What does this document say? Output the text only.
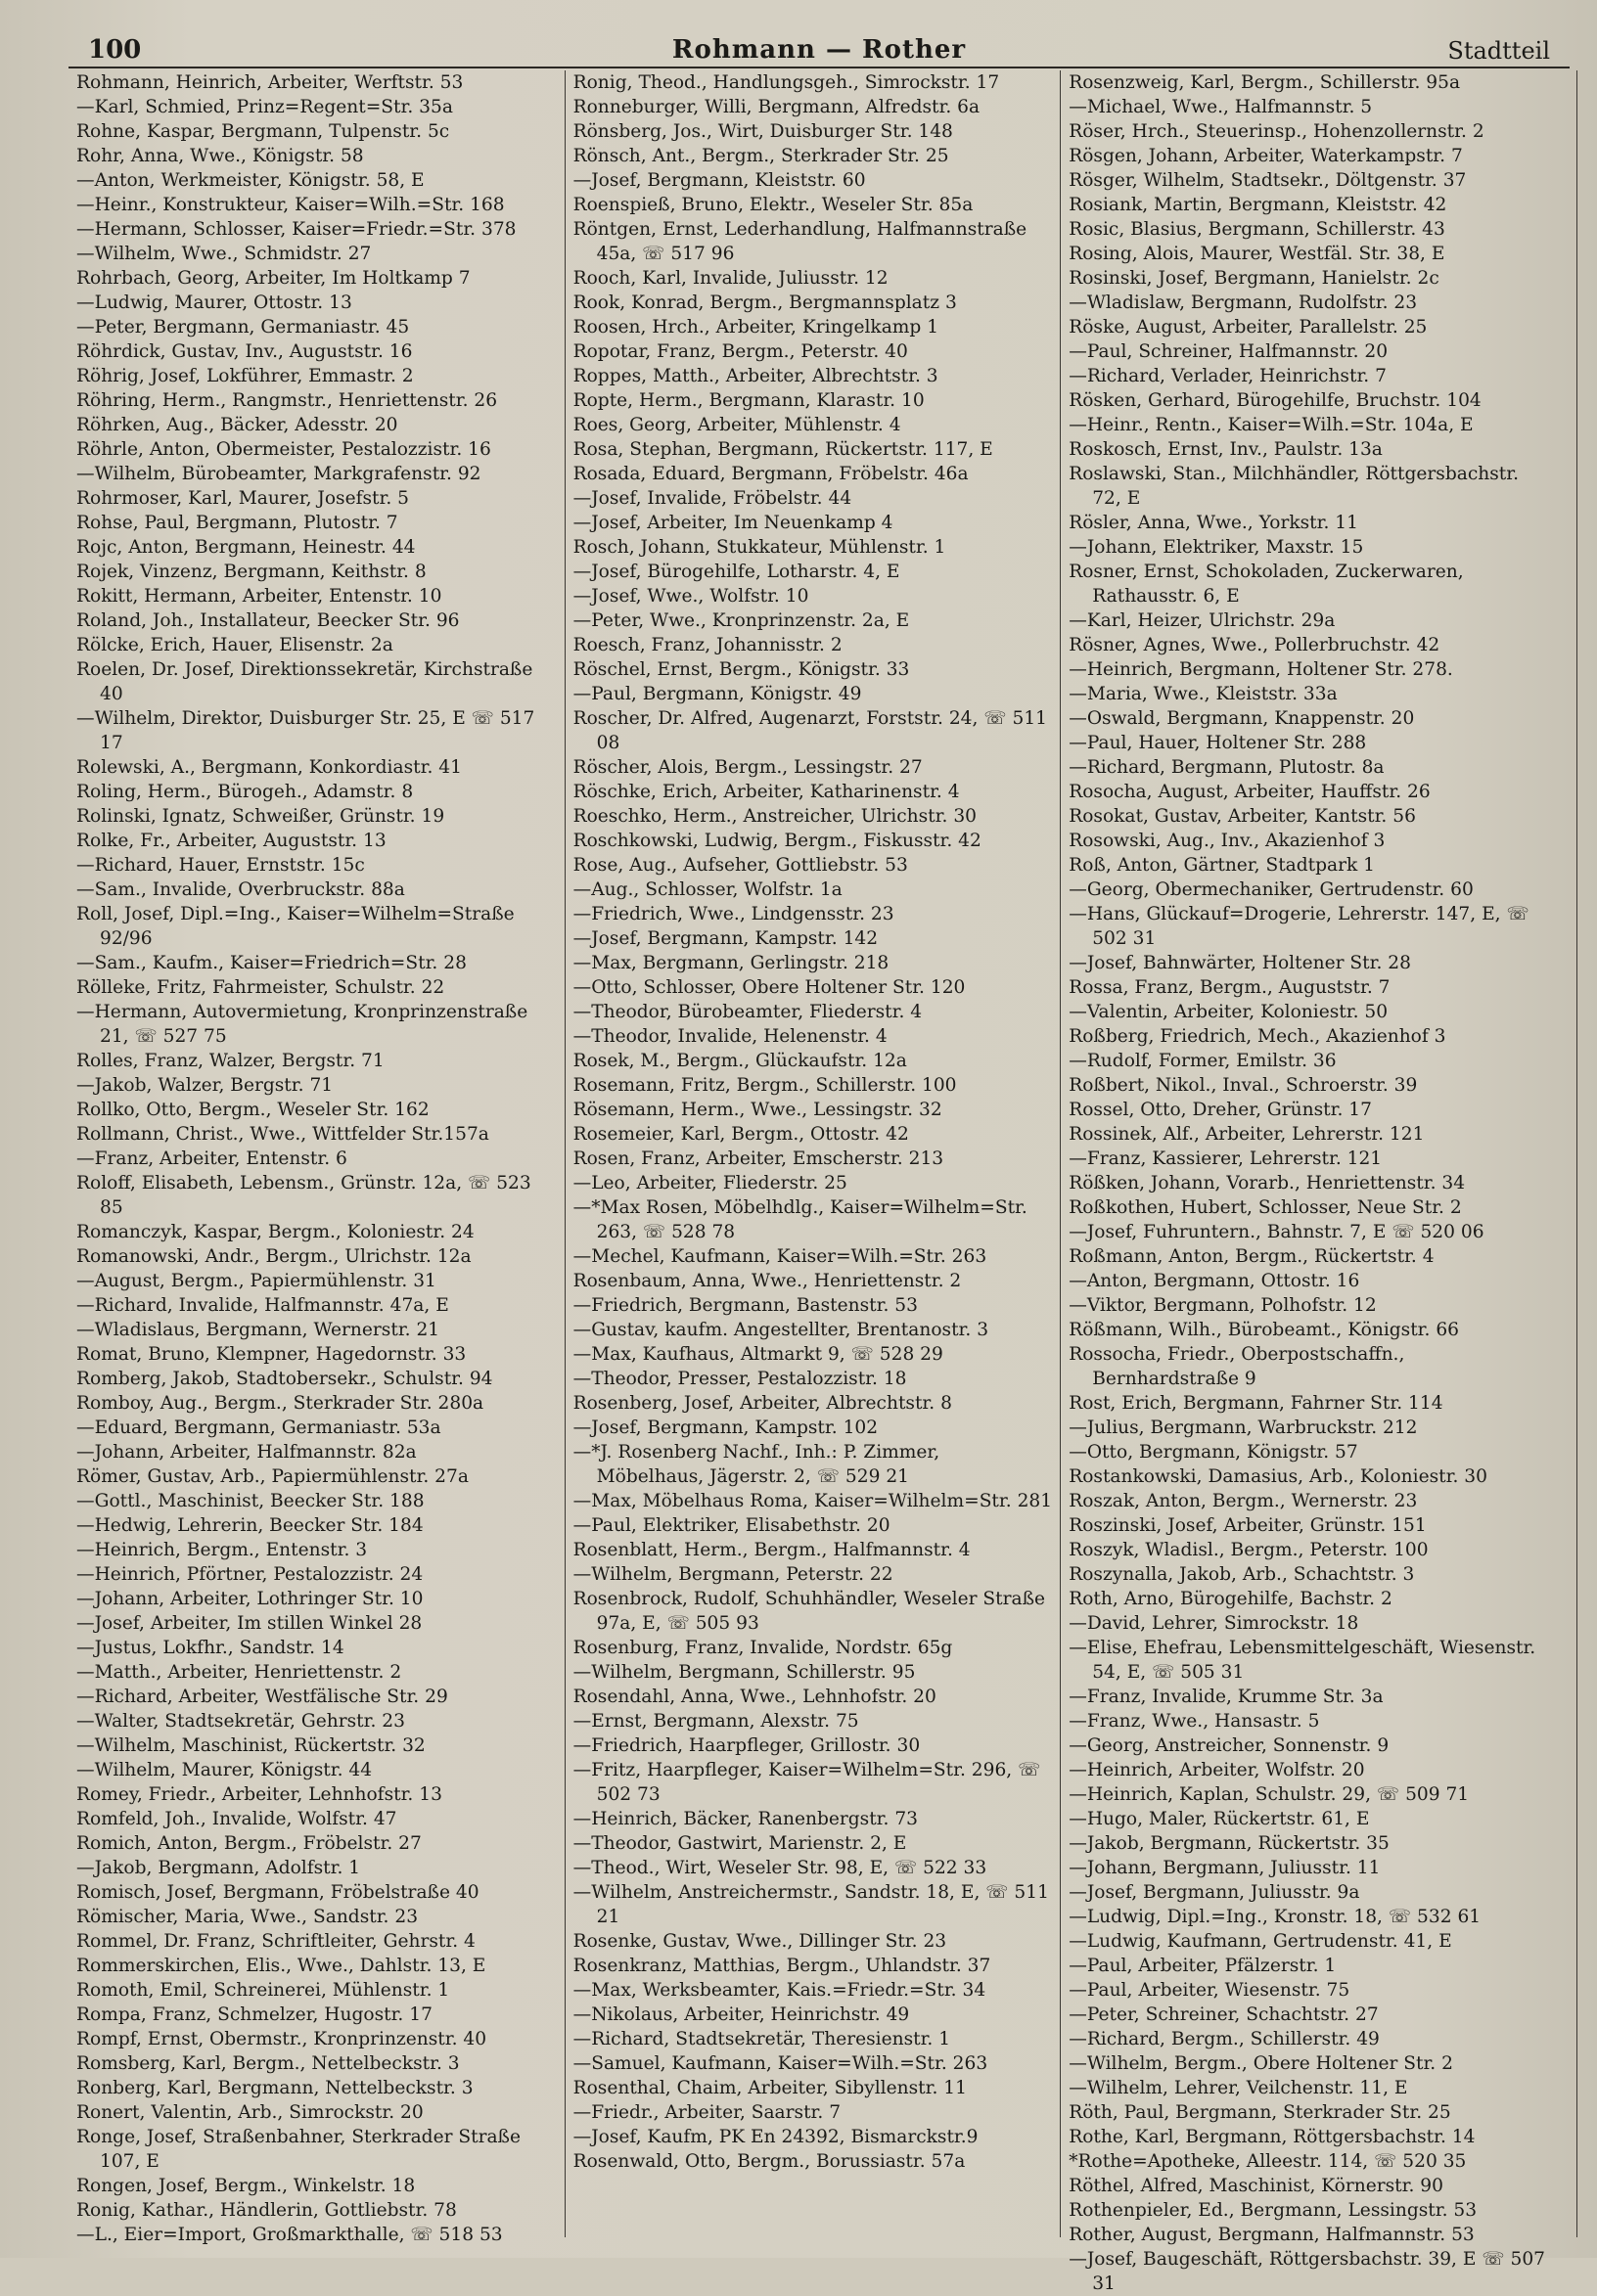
100	Rohmann — Rother	Stadtteil
Rohmann, Heinrich, Arbeiter, Werftstr. 53
—Karl, Schmied, Prinz=Regent=Str. 35a
Rohne, Kaspar, Bergmann, Tulpenstr. 5c
Rohr, Anna, Wwe., Königstr. 58
—Anton, Werkmeister, Königstr. 58, E
—Heinr., Konstrukteur, Kaiser=Wilh.=Str. 168
—Hermann, Schlosser, Kaiser=Friedr.=Str. 378
—Wilhelm, Wwe., Schmidstr. 27
Rohrbach, Georg, Arbeiter, Im Holtkamp 7
—Ludwig, Maurer, Ottostr. 13
—Peter, Bergmann, Germaniastr. 45
Röhrdick, Gustav, Inv., Auguststr. 16
Röhrig, Josef, Lokführer, Emmastr. 2
Röhring, Herm., Rangmstr., Henriettenstr. 26
Röhrken, Aug., Bäcker, Adesstr. 20
Röhrle, Anton, Obermeister, Pestalozzistr. 16
—Wilhelm, Bürobeamter, Markgrafenstr. 92
Rohrmoser, Karl, Maurer, Josefstr. 5
Rohse, Paul, Bergmann, Plutostr. 7
Rojc, Anton, Bergmann, Heinestr. 44
Rojek, Vinzenz, Bergmann, Keithstr. 8
Rokitt, Hermann, Arbeiter, Entenstr. 10
Roland, Joh., Installateur, Beecker Str. 96
Rölcke, Erich, Hauer, Elisenstr. 2a
Roelen, Dr. Josef, Direktionssekretär, Kirchstraße 40
—Wilhelm, Direktor, Duisburger Str. 25, E ☏ 517 17
Rolewski, A., Bergmann, Konkordiastr. 41
Roling, Herm., Bürogeh., Adamstr. 8
Rolinski, Ignatz, Schweißer, Grünstr. 19
Rolke, Fr., Arbeiter, Auguststr. 13
—Richard, Hauer, Ernststr. 15c
—Sam., Invalide, Overbruckstr. 88a
Roll, Josef, Dipl.=Ing., Kaiser=Wilhelm=Straße 92/96
—Sam., Kaufm., Kaiser=Friedrich=Str. 28
Rölleke, Fritz, Fahrmeister, Schulstr. 22
—Hermann, Autovermietung, Kronprinzenstraße 21, ☏ 527 75
Rolles, Franz, Walzer, Bergstr. 71
—Jakob, Walzer, Bergstr. 71
Rollko, Otto, Bergm., Weseler Str. 162
Rollmann, Christ., Wwe., Wittfelder Str.157a
—Franz, Arbeiter, Entenstr. 6
Roloff, Elisabeth, Lebensm., Grünstr. 12a, ☏ 523 85
Romanczyk, Kaspar, Bergm., Koloniestr. 24
Romanowski, Andr., Bergm., Ulrichstr. 12a
—August, Bergm., Papiermühlenstr. 31
—Richard, Invalide, Halfmannstr. 47a, E
—Wladislaus, Bergmann, Wernerstr. 21
Romat, Bruno, Klempner, Hagedornstr. 33
Romberg, Jakob, Stadtobersekr., Schulstr. 94
Romboy, Aug., Bergm., Sterkrader Str. 280a
—Eduard, Bergmann, Germaniastr. 53a
—Johann, Arbeiter, Halfmannstr. 82a
Römer, Gustav, Arb., Papiermühlenstr. 27a
—Gottl., Maschinist, Beecker Str. 188
—Hedwig, Lehrerin, Beecker Str. 184
—Heinrich, Bergm., Entenstr. 3
—Heinrich, Pförtner, Pestalozzistr. 24
—Johann, Arbeiter, Lothringer Str. 10
—Josef, Arbeiter, Im stillen Winkel 28
—Justus, Lokfhr., Sandstr. 14
—Matth., Arbeiter, Henriettenstr. 2
—Richard, Arbeiter, Westfälische Str. 29
—Walter, Stadtsekretär, Gehrstr. 23
—Wilhelm, Maschinist, Rückertstr. 32
—Wilhelm, Maurer, Königstr. 44
Romey, Friedr., Arbeiter, Lehnhofstr. 13
Romfeld, Joh., Invalide, Wolfstr. 47
Romich, Anton, Bergm., Fröbelstr. 27
—Jakob, Bergmann, Adolfstr. 1
Romisch, Josef, Bergmann, Fröbelstraße 40
Römischer, Maria, Wwe., Sandstr. 23
Rommel, Dr. Franz, Schriftleiter, Gehrstr. 4
Rommerskirchen, Elis., Wwe., Dahlstr. 13, E
Romoth, Emil, Schreinerei, Mühlenstr. 1
Rompa, Franz, Schmelzer, Hugostr. 17
Rompf, Ernst, Obermstr., Kronprinzenstr. 40
Romsberg, Karl, Bergm., Nettelbeckstr. 3
Ronberg, Karl, Bergmann, Nettelbeckstr. 3
Ronert, Valentin, Arb., Simrockstr. 20
Ronge, Josef, Straßenbahner, Sterkrader Straße 107, E
Rongen, Josef, Bergm., Winkelstr. 18
Ronig, Kathar., Händlerin, Gottliebstr. 78
—L., Eier=Import, Großmarkthalle, ☏ 518 53
Ronig, Theod., Handlungsgeh., Simrockstr. 17
Ronneburger, Willi, Bergmann, Alfredstr. 6a
Rönsberg, Jos., Wirt, Duisburger Str. 148
Rönsch, Ant., Bergm., Sterkrader Str. 25
—Josef, Bergmann, Kleiststr. 60
Roenspieß, Bruno, Elektr., Weseler Str. 85a
Röntgen, Ernst, Lederhandlung, Halfmannstraße 45a, ☏ 517 96
Rooch, Karl, Invalide, Juliusstr. 12
Rook, Konrad, Bergm., Bergmannsplatz 3
Roosen, Hrch., Arbeiter, Kringelkamp 1
Ropotar, Franz, Bergm., Peterstr. 40
Roppes, Matth., Arbeiter, Albrechtstr. 3
Ropte, Herm., Bergmann, Klarastr. 10
Roes, Georg, Arbeiter, Mühlenstr. 4
Rosa, Stephan, Bergmann, Rückertstr. 117, E
Rosada, Eduard, Bergmann, Fröbelstr. 46a
—Josef, Invalide, Fröbelstr. 44
—Josef, Arbeiter, Im Neuenkamp 4
Rosch, Johann, Stukkateur, Mühlenstr. 1
—Josef, Bürogehilfe, Lotharstr. 4, E
—Josef, Wwe., Wolfstr. 10
—Peter, Wwe., Kronprinzenstr. 2a, E
Roesch, Franz, Johannisstr. 2
Röschel, Ernst, Bergm., Königstr. 33
—Paul, Bergmann, Königstr. 49
Roscher, Dr. Alfred, Augenarzt, Forststr. 24, ☏ 511 08
Röscher, Alois, Bergm., Lessingstr. 27
Röschke, Erich, Arbeiter, Katharinenstr. 4
Roeschko, Herm., Anstreicher, Ulrichstr. 30
Roschkowski, Ludwig, Bergm., Fiskusstr. 42
Rose, Aug., Aufseher, Gottliebstr. 53
—Aug., Schlosser, Wolfstr. 1a
—Friedrich, Wwe., Lindgensstr. 23
—Josef, Bergmann, Kampstr. 142
—Max, Bergmann, Gerlingstr. 218
—Otto, Schlosser, Obere Holtener Str. 120
—Theodor, Bürobeamter, Fliederstr. 4
—Theodor, Invalide, Helenenstr. 4
Rosek, M., Bergm., Glückaufstr. 12a
Rosemann, Fritz, Bergm., Schillerstr. 100
Rösemann, Herm., Wwe., Lessingstr. 32
Rosemeier, Karl, Bergm., Ottostr. 42
Rosen, Franz, Arbeiter, Emscherstr. 213
—Leo, Arbeiter, Fliederstr. 25
—*Max Rosen, Möbelhdlg., Kaiser=Wilhelm=Str. 263, ☏ 528 78
—Mechel, Kaufmann, Kaiser=Wilh.=Str. 263
Rosenbaum, Anna, Wwe., Henriettenstr. 2
—Friedrich, Bergmann, Bastenstr. 53
—Gustav, kaufm. Angestellter, Brentanostr. 3
—Max, Kaufhaus, Altmarkt 9, ☏ 528 29
—Theodor, Presser, Pestalozzistr. 18
Rosenberg, Josef, Arbeiter, Albrechtstr. 8
—Josef, Bergmann, Kampstr. 102
—*J. Rosenberg Nachf., Inh.: P. Zimmer, Möbelhaus, Jägerstr. 2, ☏ 529 21
—Max, Möbelhaus Roma, Kaiser=Wilhelm=Str. 281
—Paul, Elektriker, Elisabethstr. 20
Rosenblatt, Herm., Bergm., Halfmannstr. 4
—Wilhelm, Bergmann, Peterstr. 22
Rosenbrock, Rudolf, Schuhhändler, Weseler Straße 97a, E, ☏ 505 93
Rosenburg, Franz, Invalide, Nordstr. 65g
—Wilhelm, Bergmann, Schillerstr. 95
Rosendahl, Anna, Wwe., Lehnhofstr. 20
—Ernst, Bergmann, Alexstr. 75
—Friedrich, Haarpfleger, Grillostr. 30
—Fritz, Haarpfleger, Kaiser=Wilhelm=Str. 296, ☏ 502 73
—Heinrich, Bäcker, Ranenbergstr. 73
—Theodor, Gastwirt, Marienstr. 2, E
—Theod., Wirt, Weseler Str. 98, E, ☏ 522 33
—Wilhelm, Anstreichermstr., Sandstr. 18, E, ☏ 511 21
Rosenke, Gustav, Wwe., Dillinger Str. 23
Rosenkranz, Matthias, Bergm., Uhlandstr. 37
—Max, Werksbeamter, Kais.=Friedr.=Str. 34
—Nikolaus, Arbeiter, Heinrichstr. 49
—Richard, Stadtsekretär, Theresienstr. 1
—Samuel, Kaufmann, Kaiser=Wilh.=Str. 263
Rosenthal, Chaim, Arbeiter, Sibyllenstr. 11
—Friedr., Arbeiter, Saarstr. 7
—Josef, Kaufm, PK En 24392, Bismarckstr.9
Rosenwald, Otto, Bergm., Borussiastr. 57a
Rosenzweig, Karl, Bergm., Schillerstr. 95a
—Michael, Wwe., Halfmannstr. 5
Röser, Hrch., Steuerinsp., Hohenzollernstr. 2
Rösgen, Johann, Arbeiter, Waterkampstr. 7
Rösger, Wilhelm, Stadtsekr., Döltgenstr. 37
Rosiank, Martin, Bergmann, Kleiststr. 42
Rosic, Blasius, Bergmann, Schillerstr. 43
Rosing, Alois, Maurer, Westfäl. Str. 38, E
Rosinski, Josef, Bergmann, Hanielstr. 2c
—Wladislaw, Bergmann, Rudolfstr. 23
Röske, August, Arbeiter, Parallelstr. 25
—Paul, Schreiner, Halfmannstr. 20
—Richard, Verlader, Heinrichstr. 7
Rösken, Gerhard, Bürogehilfe, Bruchstr. 104
—Heinr., Rentn., Kaiser=Wilh.=Str. 104a, E
Roskosch, Ernst, Inv., Paulstr. 13a
Roslawski, Stan., Milchhändler, Röttgersbachstr. 72, E
Rösler, Anna, Wwe., Yorkstr. 11
—Johann, Elektriker, Maxstr. 15
Rosner, Ernst, Schokoladen, Zuckerwaren, Rathausstr. 6, E
—Karl, Heizer, Ulrichstr. 29a
Rösner, Agnes, Wwe., Pollerbruchstr. 42
—Heinrich, Bergmann, Holtener Str. 278.
—Maria, Wwe., Kleiststr. 33a
—Oswald, Bergmann, Knappenstr. 20
—Paul, Hauer, Holtener Str. 288
—Richard, Bergmann, Plutostr. 8a
Rosocha, August, Arbeiter, Hauffstr. 26
Rosokat, Gustav, Arbeiter, Kantstr. 56
Rosowski, Aug., Inv., Akazienhof 3
Roß, Anton, Gärtner, Stadtpark 1
—Georg, Obermechaniker, Gertrudenstr. 60
—Hans, Glückauf=Drogerie, Lehrerstr. 147, E, ☏ 502 31
—Josef, Bahnwärter, Holtener Str. 28
Rossa, Franz, Bergm., Auguststr. 7
—Valentin, Arbeiter, Koloniestr. 50
Roßberg, Friedrich, Mech., Akazienhof 3
—Rudolf, Former, Emilstr. 36
Roßbert, Nikol., Inval., Schroerstr. 39
Rossel, Otto, Dreher, Grünstr. 17
Rossinek, Alf., Arbeiter, Lehrerstr. 121
—Franz, Kassierer, Lehrerstr. 121
Rößken, Johann, Vorarb., Henriettenstr. 34
Roßkothen, Hubert, Schlosser, Neue Str. 2
—Josef, Fuhruntern., Bahnstr. 7, E ☏ 520 06
Roßmann, Anton, Bergm., Rückertstr. 4
—Anton, Bergmann, Ottostr. 16
—Viktor, Bergmann, Polhofstr. 12
Rößmann, Wilh., Bürobeamt., Königstr. 66
Rossocha, Friedr., Oberpostschaffn., Bernhardstraße 9
Rost, Erich, Bergmann, Fahrner Str. 114
—Julius, Bergmann, Warbruckstr. 212
—Otto, Bergmann, Königstr. 57
Rostankowski, Damasius, Arb., Koloniestr. 30
Roszak, Anton, Bergm., Wernerstr. 23
Roszinski, Josef, Arbeiter, Grünstr. 151
Roszyk, Wladisl., Bergm., Peterstr. 100
Roszynalla, Jakob, Arb., Schachtstr. 3
Roth, Arno, Bürogehilfe, Bachstr. 2
—David, Lehrer, Simrockstr. 18
—Elise, Ehefrau, Lebensmittelgeschäft, Wiesenstr. 54, E, ☏ 505 31
—Franz, Invalide, Krumme Str. 3a
—Franz, Wwe., Hansastr. 5
—Georg, Anstreicher, Sonnenstr. 9
—Heinrich, Arbeiter, Wolfstr. 20
—Heinrich, Kaplan, Schulstr. 29, ☏ 509 71
—Hugo, Maler, Rückertstr. 61, E
—Jakob, Bergmann, Rückertstr. 35
—Johann, Bergmann, Juliusstr. 11
—Josef, Bergmann, Juliusstr. 9a
—Ludwig, Dipl.=Ing., Kronstr. 18, ☏ 532 61
—Ludwig, Kaufmann, Gertrudenstr. 41, E
—Paul, Arbeiter, Pfälzerstr. 1
—Paul, Arbeiter, Wiesenstr. 75
—Peter, Schreiner, Schachtstr. 27
—Richard, Bergm., Schillerstr. 49
—Wilhelm, Bergm., Obere Holtener Str. 2
—Wilhelm, Lehrer, Veilchenstr. 11, E
Röth, Paul, Bergmann, Sterkrader Str. 25
Rothe, Karl, Bergmann, Röttgersbachstr. 14
*Rothe=Apotheke, Alleestr. 114, ☏ 520 35
Röthel, Alfred, Maschinist, Körnerstr. 90
Rothenpieler, Ed., Bergmann, Lessingstr. 53
Rother, August, Bergmann, Halfmannstr. 53
—Josef, Baugeschäft, Röttgersbachstr. 39, E ☏ 507 31
